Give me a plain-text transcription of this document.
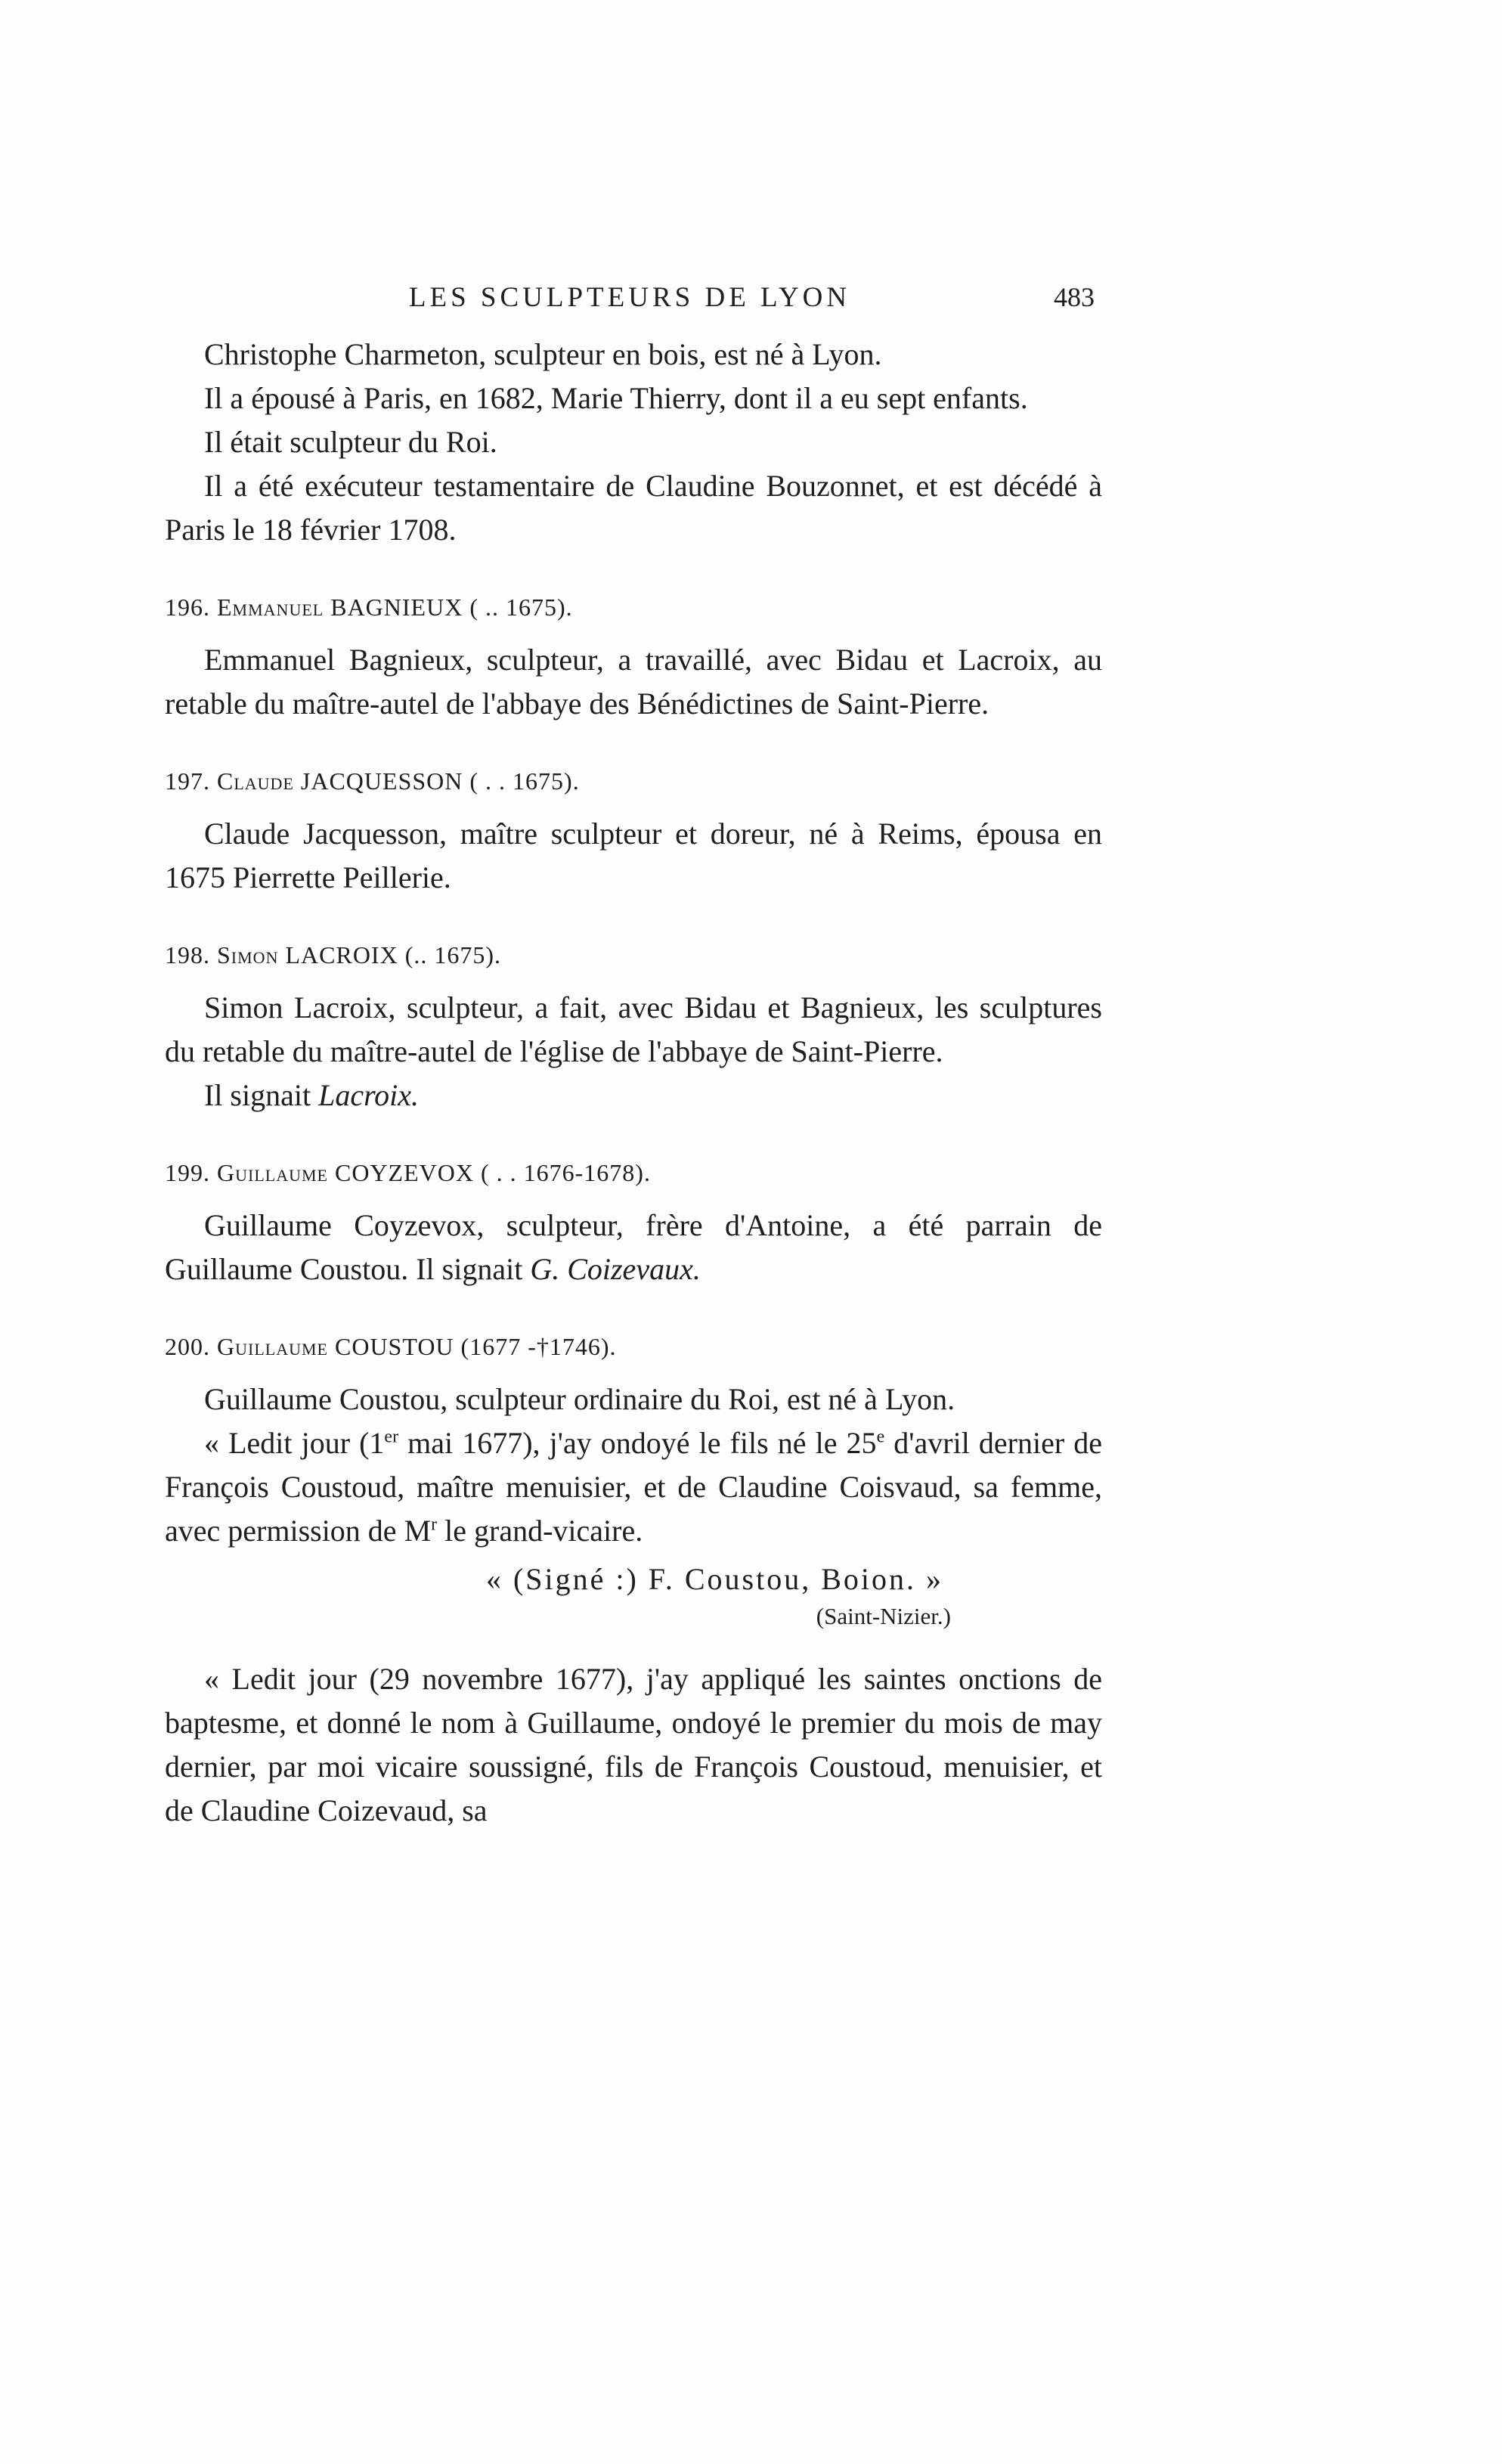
LES SCULPTEURS DE LYON	483

Christophe Charmeton, sculpteur en bois, est né à Lyon.

Il a épousé à Paris, en 1682, Marie Thierry, dont il a eu sept enfants.

Il était sculpteur du Roi.

Il a été exécuteur testamentaire de Claudine Bouzonnet, et est décédé à Paris le 18 février 1708.

196. Emmanuel BAGNIEUX ( .. 1675).

Emmanuel Bagnieux, sculpteur, a travaillé, avec Bidau et Lacroix, au retable du maître-autel de l'abbaye des Bénédictines de Saint-Pierre.

197. Claude JACQUESSON ( . . 1675).

Claude Jacquesson, maître sculpteur et doreur, né à Reims, épousa en 1675 Pierrette Peillerie.

198. Simon LACROIX (.. 1675).

Simon Lacroix, sculpteur, a fait, avec Bidau et Bagnieux, les sculptures du retable du maître-autel de l'église de l'abbaye de Saint-Pierre.

Il signait Lacroix.

199. Guillaume COYZEVOX ( . . 1676-1678).

Guillaume Coyzevox, sculpteur, frère d'Antoine, a été parrain de Guillaume Coustou. Il signait G. Coizevaux.

200. Guillaume COUSTOU (1677 -†1746).

Guillaume Coustou, sculpteur ordinaire du Roi, est né à Lyon.

« Ledit jour (1er mai 1677), j'ay ondoyé le fils né le 25e d'avril dernier de François Coustoud, maître menuisier, et de Claudine Coisvaud, sa femme, avec permission de $M^r$ le grand-vicaire.

« (Signé :) F. Coustou, Boion. »

(Saint-Nizier.)

« Ledit jour (29 novembre 1677), j'ay appliqué les saintes onctions de baptesme, et donné le nom à Guillaume, ondoyé le premier du mois de may dernier, par moi vicaire soussigné, fils de François Coustoud, menuisier, et de Claudine Coizevaud, sa
